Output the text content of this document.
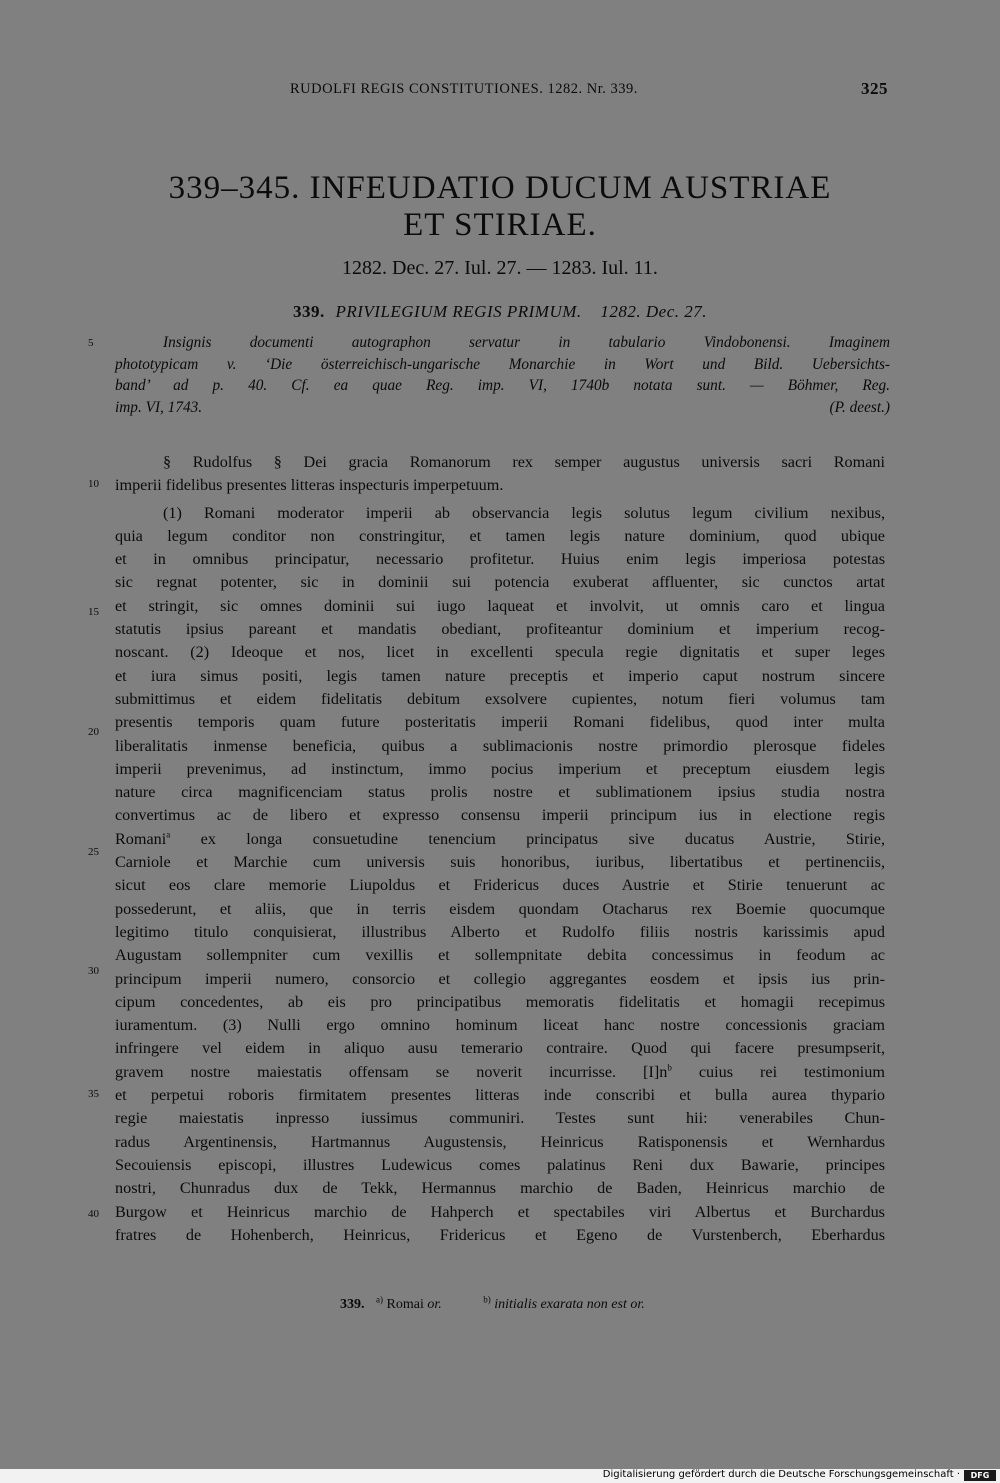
RUDOLFI REGIS CONSTITUTIONES. 1282. Nr. 339.	325
339–345. INFEUDATIO DUCUM AUSTRIAE
ET STIRIAE.
1282. Dec. 27. Iul. 27. — 1283. Iul. 11.
339. PRIVILEGIUM REGIS PRIMUM. 1282. Dec. 27.

Insignis documenti autographon servatur in tabulario Vindobonensi. Imaginem

phototypicam v. ‘Die österreichisch-ungarische Monarchie in Wort und Bild. Uebersichts-

band’ ad p. 40. Cf. ea quae Reg. imp. VI, 1740b notata sunt. — Böhmer, Reg.

imp. VI, 1743.	(P. deest.)

5
10
15
20
25
30
35
40

§ Rudolfus § Dei gracia Romanorum rex semper augustus universis sacri Romani

imperii fidelibus presentes litteras inspecturis imperpetuum.

(1) Romani moderator imperii ab observancia legis solutus legum civilium nexibus,

quia legum conditor non constringitur, et tamen legis nature dominium, quod ubique

et in omnibus principatur, necessario profitetur. Huius enim legis imperiosa potestas

sic regnat potenter, sic in dominii sui potencia exuberat affluenter, sic cunctos artat

et stringit, sic omnes dominii sui iugo laqueat et involvit, ut omnis caro et lingua

statutis ipsius pareant et mandatis obediant, profiteantur dominium et imperium recog-

noscant. (2) Ideoque et nos, licet in excellenti specula regie dignitatis et super leges

et iura simus positi, legis tamen nature preceptis et imperio caput nostrum sincere

submittimus et eidem fidelitatis debitum exsolvere cupientes, notum fieri volumus tam

presentis temporis quam future posteritatis imperii Romani fidelibus, quod inter multa

liberalitatis inmense beneficia, quibus a sublimacionis nostre primordio plerosque fideles

imperii prevenimus, ad instinctum, immo pocius imperium et preceptum eiusdem legis

nature circa magnificenciam status prolis nostre et sublimationem ipsius studia nostra

convertimus ac de libero et expresso consensu imperii principum ius in electione regis

Romani$^a$ ex longa consuetudine tenencium principatus sive ducatus Austrie, Stirie,

Carniole et Marchie cum universis suis honoribus, iuribus, libertatibus et pertinenciis,

sicut eos clare memorie Liupoldus et Fridericus duces Austrie et Stirie tenuerunt ac

possederunt, et aliis, que in terris eisdem quondam Otacharus rex Boemie quocumque

legitimo titulo conquisierat, illustribus Alberto et Rudolfo filiis nostris karissimis apud

Augustam sollempniter cum vexillis et sollempnitate debita concessimus in feodum ac

principum imperii numero, consorcio et collegio aggregantes eosdem et ipsis ius prin-

cipum concedentes, ab eis pro principatibus memoratis fidelitatis et homagii recepimus

iuramentum. (3) Nulli ergo omnino hominum liceat hanc nostre concessionis graciam

infringere vel eidem in aliquo ausu temerario contraire. Quod qui facere presumpserit,

gravem nostre maiestatis offensam se noverit incurrisse. $[I]n^b$ cuius rei testimonium

et perpetui roboris firmitatem presentes litteras inde conscribi et bulla aurea thypario

regie maiestatis inpresso iussimus communiri. Testes sunt hii: venerabiles Chun-

radus Argentinensis, Hartmannus Augustensis, Heinricus Ratisponensis et Wernhardus

Secouiensis episcopi, illustres Ludewicus comes palatinus Reni dux Bawarie, principes

nostri, Chunradus dux de Tekk, Hermannus marchio de Baden, Heinricus marchio de

Burgow et Heinricus marchio de Hahperch et spectabiles viri Albertus et Burchardus

fratres de Hohenberch, Heinricus, Fridericus et Egeno de Vurstenberch, Eberhardus

339. $^{a)}$ Romai or.	$^{b)}$ initialis exarata non est or.
Digitalisierung gefördert durch die Deutsche Forschungsgemeinschaft ·	DFG
